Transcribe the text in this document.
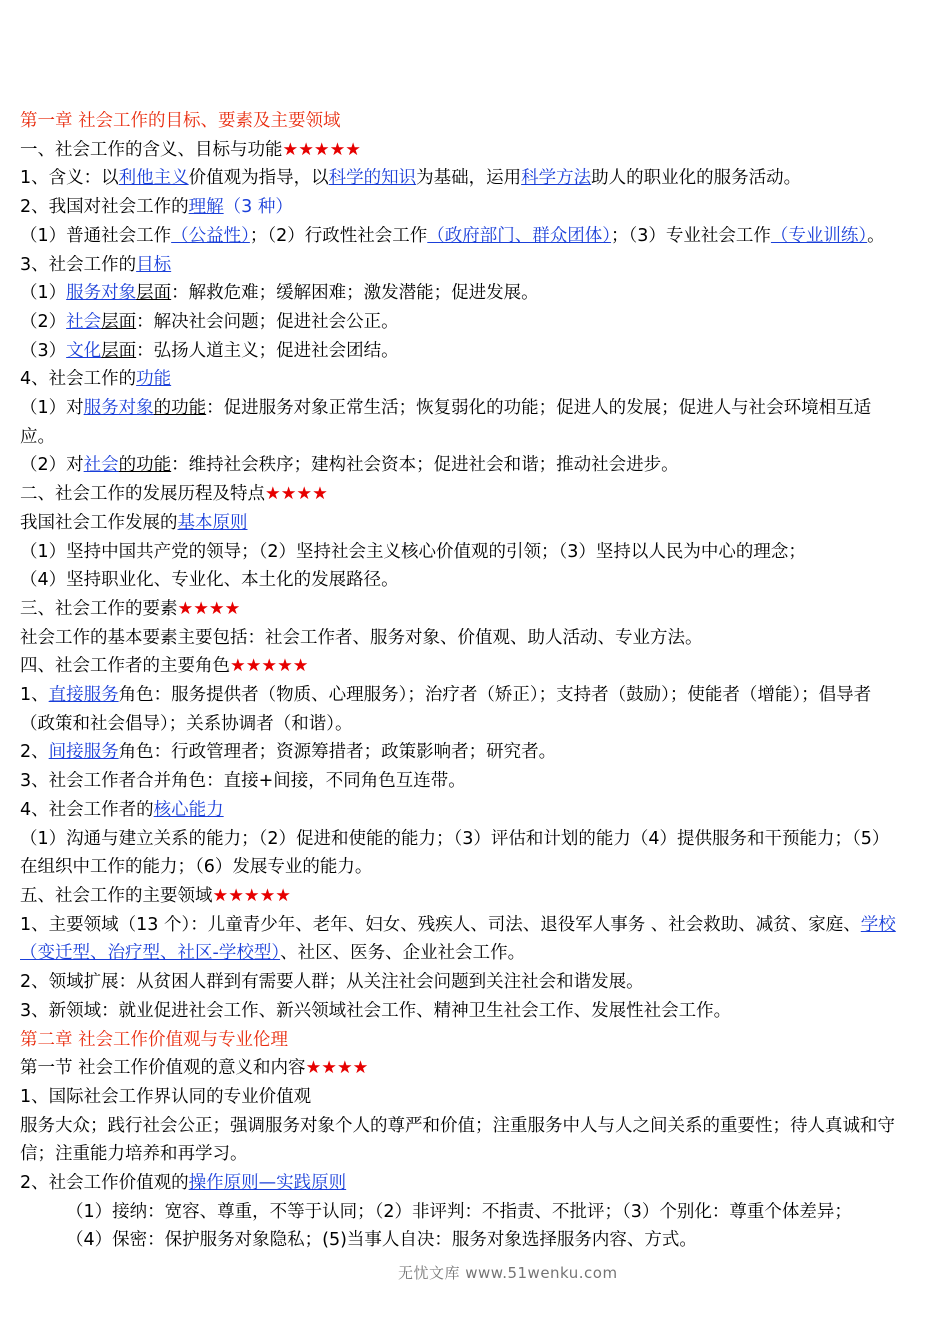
第一章 社会工作的目标、要素及主要领域
一、社会工作的含义、目标与功能★★★★★
1、含义：以利他主义价值观为指导，以科学的知识为基础，运用科学方法助人的职业化的服务活动。
2、我国对社会工作的理解（3 种）
（1）普通社会工作（公益性）；（2）行政性社会工作（政府部门、群众团体）；（3）专业社会工作（专业训练）。
3、社会工作的目标
（1）服务对象层面：解救危难；缓解困难；激发潜能；促进发展。
（2）社会层面：解决社会问题；促进社会公正。
（3）文化层面：弘扬人道主义；促进社会团结。
4、社会工作的功能
（1）对服务对象的功能：促进服务对象正常生活；恢复弱化的功能；促进人的发展；促进人与社会环境相互适应。
（2）对社会的功能：维持社会秩序；建构社会资本；促进社会和谐；推动社会进步。
二、社会工作的发展历程及特点★★★★
我国社会工作发展的基本原则
（1）坚持中国共产党的领导；（2）坚持社会主义核心价值观的引领；（3）坚持以人民为中心的理念；
（4）坚持职业化、专业化、本土化的发展路径。
三、社会工作的要素★★★★
社会工作的基本要素主要包括：社会工作者、服务对象、价值观、助人活动、专业方法。
四、社会工作者的主要角色★★★★★
1、直接服务角色：服务提供者（物质、心理服务）；治疗者（矫正）；支持者（鼓励）；使能者（增能）；倡导者（政策和社会倡导）；关系协调者（和谐）。
2、间接服务角色：行政管理者；资源筹措者；政策影响者；研究者。
3、社会工作者合并角色：直接+间接，不同角色互连带。
4、社会工作者的核心能力
（1）沟通与建立关系的能力；（2）促进和使能的能力；（3）评估和计划的能力（4）提供服务和干预能力；（5）在组织中工作的能力；（6）发展专业的能力。
五、社会工作的主要领域★★★★★
1、主要领域（13 个）：儿童青少年、老年、妇女、残疾人、司法、退役军人事务 、社会救助、减贫、家庭、学校（变迁型、治疗型、社区-学校型）、社区、医务、企业社会工作。
2、领域扩展：从贫困人群到有需要人群；从关注社会问题到关注社会和谐发展。
3、新领域：就业促进社会工作、新兴领域社会工作、精神卫生社会工作、发展性社会工作。
第二章 社会工作价值观与专业伦理
第一节 社会工作价值观的意义和内容★★★★
1、国际社会工作界认同的专业价值观
服务大众；践行社会公正；强调服务对象个人的尊严和价值；注重服务中人与人之间关系的重要性；待人真诚和守信；注重能力培养和再学习。
2、社会工作价值观的操作原则—实践原则
（1）接纳：宽容、尊重，不等于认同；（2）非评判：不指责、不批评；（3）个别化：尊重个体差异；
（4）保密：保护服务对象隐私；(5)当事人自决：服务对象选择服务内容、方式。
无忧文库 www.51wenku.com
